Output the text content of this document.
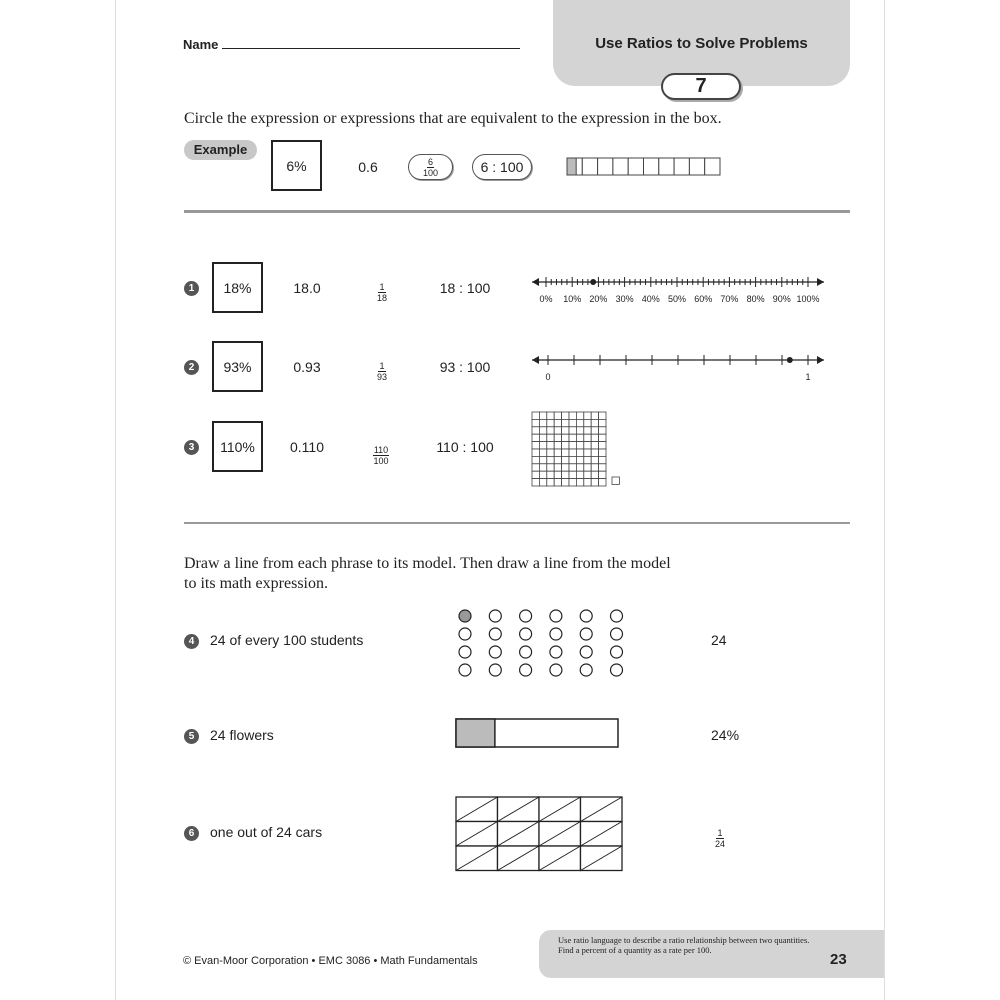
Name	Use Ratios to Solve Problems
7
Circle the expression or expressions that are equivalent to the expression in the box.
Example
6%	0.6	$\frac{6}{100}$	6 : 100
1	18%	18.0	$\frac{1}{18}$	18 : 100
0% 10% 20% 30% 40% 50% 60% 70% 80% 90% 100%
2	93%	0.93	$\frac{1}{93}$	93 : 100
0	1
3	110%	0.110	$\frac{110}{100}$	110 : 100
Draw a line from each phrase to its model. Then draw a line from the model
to its math expression.
4	24 of every 100 students	24
5	24 flowers	24%
6	one out of 24 cars	$\frac{1}{24}$
© Evan-Moor Corporation • EMC 3086 • Math Fundamentals
Use ratio language to describe a ratio relationship between two quantities.
Find a percent of a quantity as a rate per 100.
23
